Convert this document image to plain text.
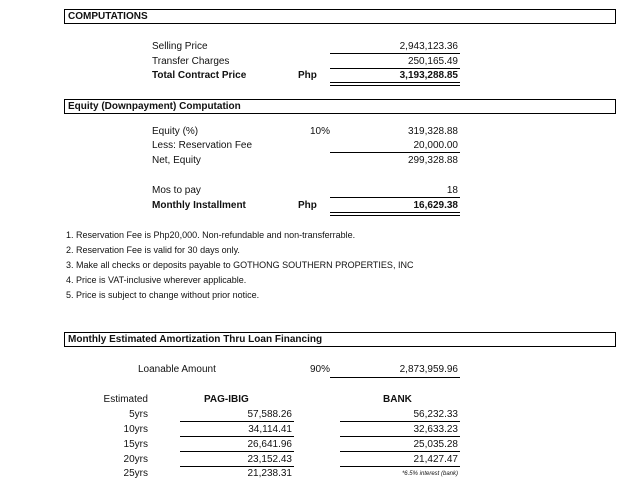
COMPUTATIONS
Selling Price	2,943,123.36
Transfer Charges	250,165.49
Total Contract Price	Php	3,193,288.85
Equity (Downpayment) Computation
Equity (%)	10%	319,328.88
Less: Reservation Fee	20,000.00
Net, Equity	299,328.88
Mos to pay	18
Monthly Installment	Php	16,629.38
1. Reservation Fee is Php20,000. Non-refundable and non-transferrable.
2. Reservation Fee is valid for 30 days only.
3. Make all checks or deposits payable to GOTHONG SOUTHERN PROPERTIES, INC
4. Price is VAT-inclusive wherever applicable.
5. Price is subject to change without prior notice.
Monthly Estimated Amortization Thru Loan Financing
Loanable Amount	90%	2,873,959.96
Estimated	PAG-IBIG	BANK
5yrs	57,588.26	56,232.33
10yrs	34,114.41	32,633.23
15yrs	26,641.96	25,035.28
20yrs	23,152.43	21,427.47
25yrs	21,238.31	*6.5% interest (bank)
